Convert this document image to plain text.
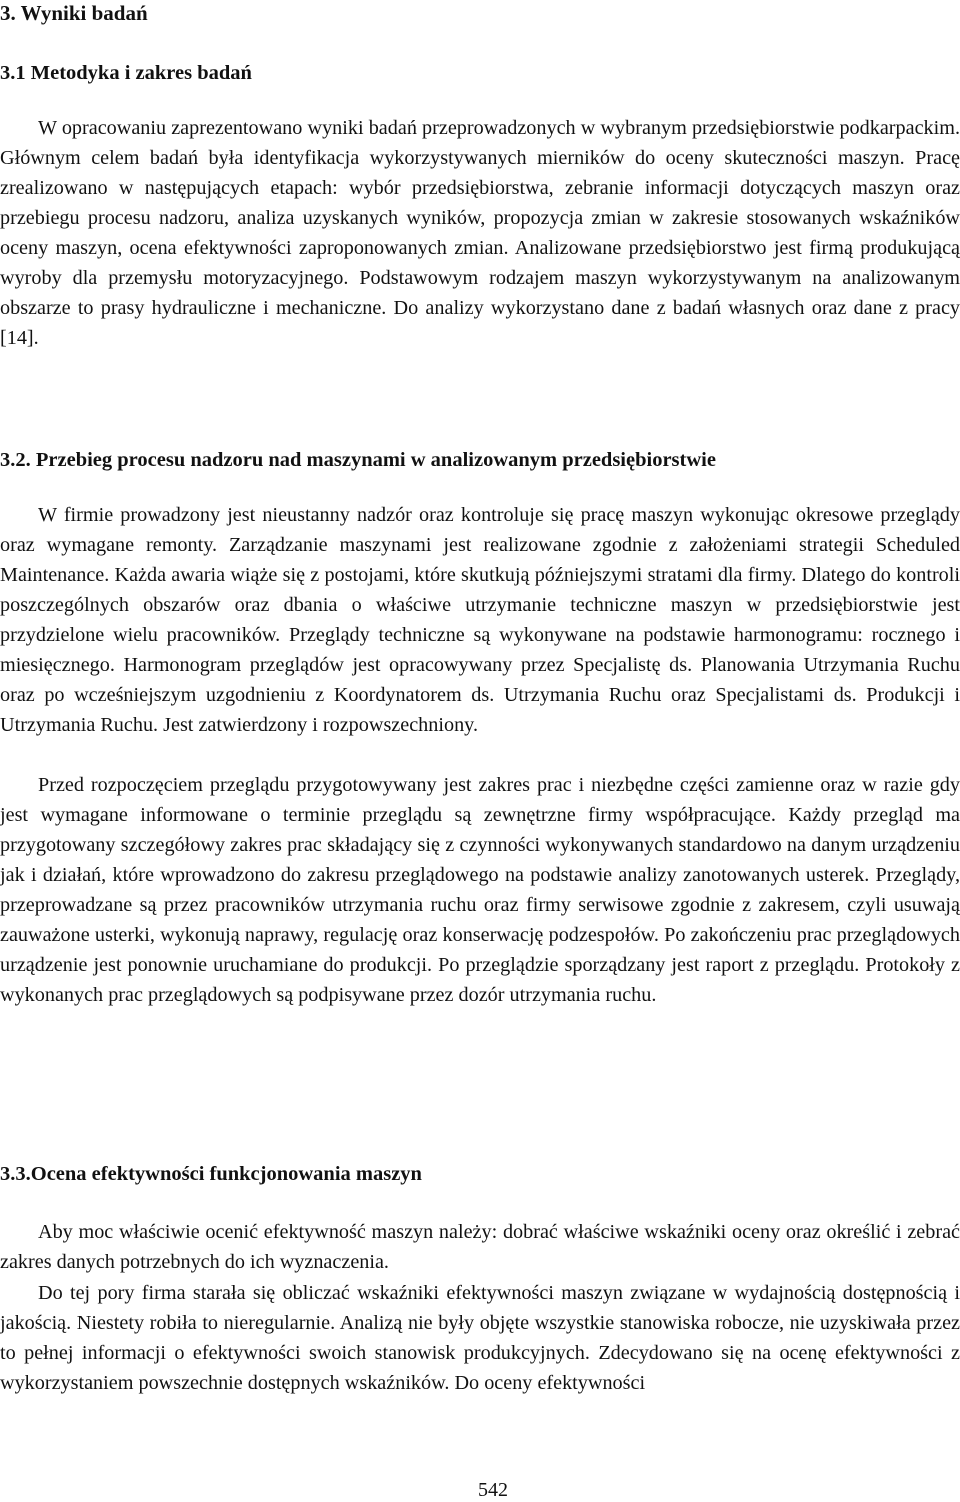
3. Wyniki badań
3.1 Metodyka i zakres badań

W opracowaniu zaprezentowano wyniki badań przeprowadzonych w wybranym przedsiębiorstwie podkarpackim. Głównym celem badań była identyfikacja wykorzystywanych mierników do oceny skuteczności maszyn. Pracę zrealizowano w następujących etapach: wybór przedsiębiorstwa, zebranie informacji dotyczących maszyn oraz przebiegu procesu nadzoru, analiza uzyskanych wyników, propozycja zmian w zakresie stosowanych wskaźników oceny maszyn, ocena efektywności zaproponowanych zmian. Analizowane przedsiębiorstwo jest firmą produkującą wyroby dla przemysłu motoryzacyjnego. Podstawowym rodzajem maszyn wykorzystywanym na analizowanym obszarze to prasy hydrauliczne i mechaniczne. Do analizy wykorzystano dane z badań własnych oraz dane z pracy [14].

3.2. Przebieg procesu nadzoru nad maszynami w analizowanym przedsiębiorstwie

W firmie prowadzony jest nieustanny nadzór oraz kontroluje się pracę maszyn wykonując okresowe przeglądy oraz wymagane remonty. Zarządzanie maszynami jest realizowane zgodnie z założeniami strategii Scheduled Maintenance. Każda awaria wiąże się z postojami, które skutkują późniejszymi stratami dla firmy. Dlatego do kontroli poszczególnych obszarów oraz dbania o właściwe utrzymanie techniczne maszyn w przedsiębiorstwie jest przydzielone wielu pracowników. Przeglądy techniczne są wykonywane na podstawie harmonogramu: rocznego i miesięcznego. Harmonogram przeglądów jest opracowywany przez Specjalistę ds. Planowania Utrzymania Ruchu oraz po wcześniejszym uzgodnieniu z Koordynatorem ds. Utrzymania Ruchu oraz Specjalistami ds. Produkcji i Utrzymania Ruchu. Jest zatwierdzony i rozpowszechniony.

Przed rozpoczęciem przeglądu przygotowywany jest zakres prac i niezbędne części zamienne oraz w razie gdy jest wymagane informowane o terminie przeglądu są zewnętrzne firmy współpracujące. Każdy przegląd ma przygotowany szczegółowy zakres prac składający się z czynności wykonywanych standardowo na danym urządzeniu jak i działań, które wprowadzono do zakresu przeglądowego na podstawie analizy zanotowanych usterek. Przeglądy, przeprowadzane są przez pracowników utrzymania ruchu oraz firmy serwisowe zgodnie z zakresem, czyli usuwają zauważone usterki, wykonują naprawy, regulację oraz konserwację podzespołów. Po zakończeniu prac przeglądowych urządzenie jest ponownie uruchamiane do produkcji. Po przeglądzie sporządzany jest raport z przeglądu. Protokoły z wykonanych prac przeglądowych są podpisywane przez dozór utrzymania ruchu.

3.3.Ocena efektywności funkcjonowania maszyn

Aby moc właściwie ocenić efektywność maszyn należy: dobrać właściwe wskaźniki oceny oraz określić i zebrać zakres danych potrzebnych do ich wyznaczenia.

Do tej pory firma starała się obliczać wskaźniki efektywności maszyn związane w wydajnością dostępnością i jakością. Niestety robiła to nieregularnie. Analizą nie były objęte wszystkie stanowiska robocze, nie uzyskiwała przez to pełnej informacji o efektywności swoich stanowisk produkcyjnych. Zdecydowano się na ocenę efektywności z wykorzystaniem powszechnie dostępnych wskaźników. Do oceny efektywności

542
